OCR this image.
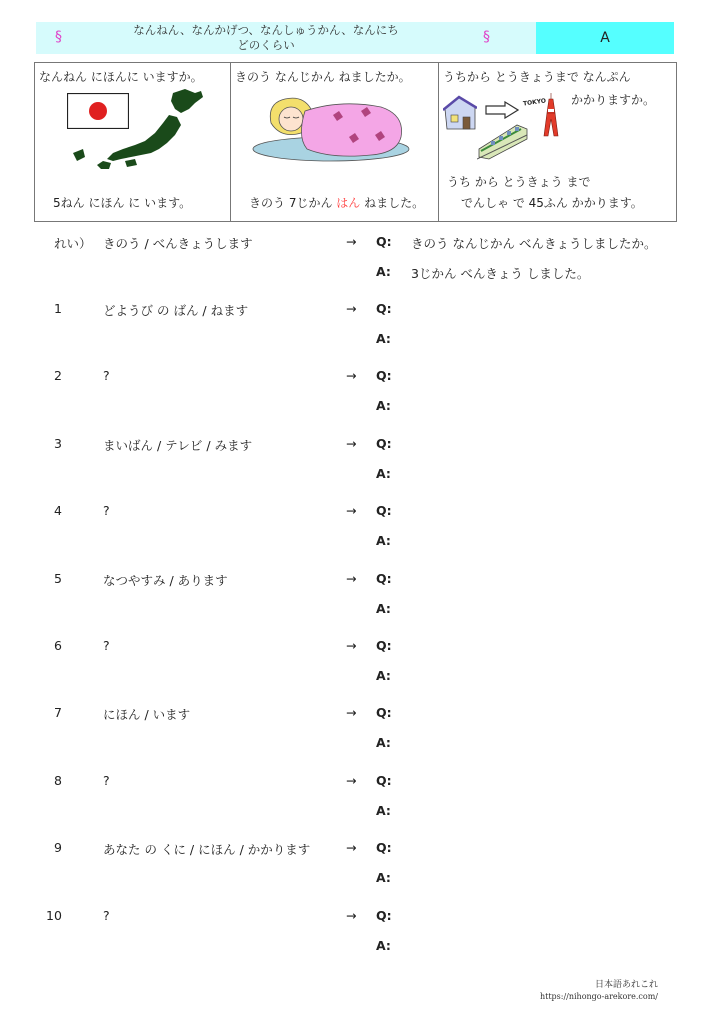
§	なんねん、なんかげつ、なんしゅうかん、なんにち
どのくらい	§	A
なんねん にほんに いますか。
5ねん にほん に います。
きのう なんじかん ねましたか。
きのう 7じかん はん ねました。
うちから とうきょうまで なんぷん
かかりますか。
TOKYO
うち から とうきょう まで
でんしゃ で 45ふん かかります。
れい） きのう / べんきょうします	→ Q: きのう なんじかん べんきょうしましたか。
A: 3じかん べんきょう しました。
1	どようび の ばん / ねます	→ Q:
A:
2	?	→ Q:
A:
3	まいばん / テレビ / みます	→ Q:
A:
4	?	→ Q:
A:
5	なつやすみ / あります	→ Q:
A:
6	?	→ Q:
A:
7	にほん / います	→ Q:
A:
8	?	→ Q:
A:
9	あなた の くに / にほん / かかります	→ Q:
A:
10	?	→ Q:
A:
日本語あれこれ
https://nihongo-arekore.com/
